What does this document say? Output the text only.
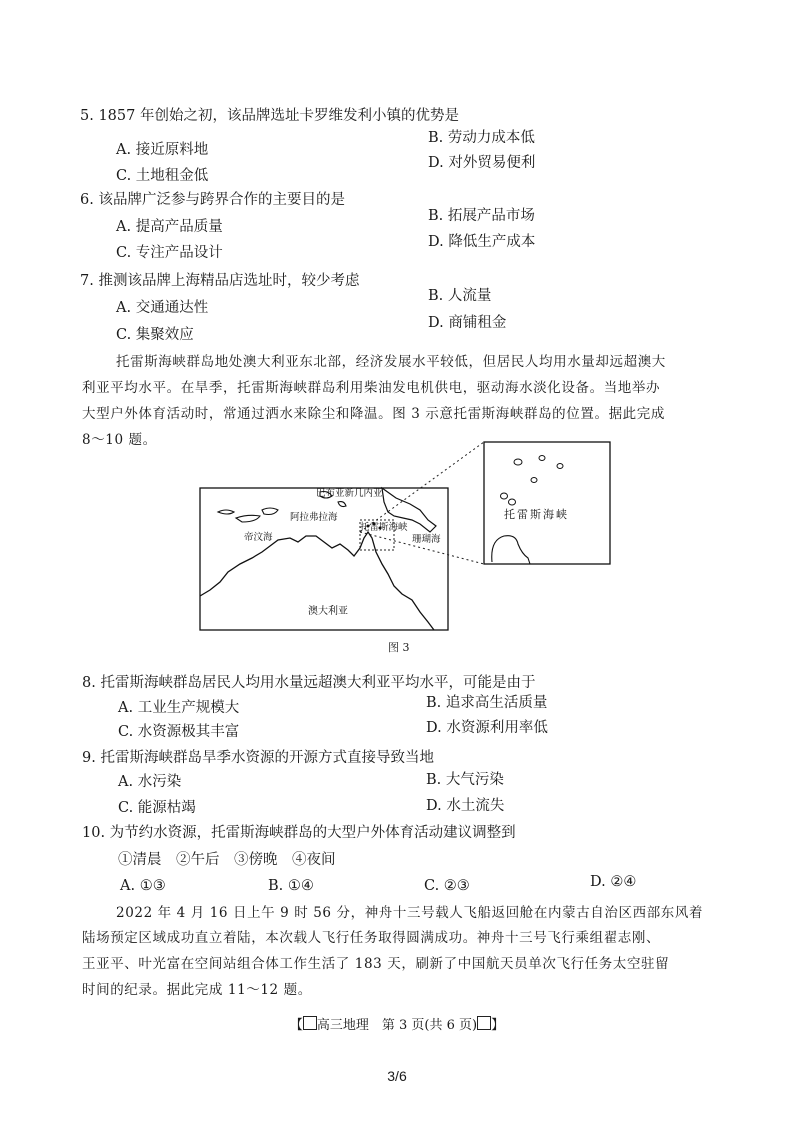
5. 1857 年创始之初，该品牌选址卡罗维发利小镇的优势是
B. 劳动力成本低
A. 接近原料地
D. 对外贸易便利
C. 土地租金低
6. 该品牌广泛参与跨界合作的主要目的是
B. 拓展产品市场
A. 提高产品质量
D. 降低生产成本
C. 专注产品设计
7. 推测该品牌上海精品店选址时，较少考虑
B. 人流量
A. 交通通达性
D. 商铺租金
C. 集聚效应
托雷斯海峡群岛地处澳大利亚东北部，经济发展水平较低，但居民人均用水量却远超澳大
利亚平均水平。在旱季，托雷斯海峡群岛利用柴油发电机供电，驱动海水淡化设备。当地举办
大型户外体育活动时，常通过洒水来除尘和降温。图 3 示意托雷斯海峡群岛的位置。据此完成
8～10 题。
巴布亚新几内亚
阿拉弗拉海
托雷斯海峡
帝汶海	珊瑚海
澳大利亚
托雷斯海峡
图 3
8. 托雷斯海峡群岛居民人均用水量远超澳大利亚平均水平，可能是由于
A. 工业生产规模大	B. 追求高生活质量
C. 水资源极其丰富	D. 水资源利用率低
9. 托雷斯海峡群岛旱季水资源的开源方式直接导致当地
A. 水污染	B. 大气污染
C. 能源枯竭	D. 水土流失
10. 为节约水资源，托雷斯海峡群岛的大型户外体育活动建议调整到
①清晨　②午后　③傍晚　④夜间
A. ①③	B. ①④	C. ②③	D. ②④
2022 年 4 月 16 日上午 9 时 56 分，神舟十三号载人飞船返回舱在内蒙古自治区西部东风着
陆场预定区域成功直立着陆，本次载人飞行任务取得圆满成功。神舟十三号飞行乘组翟志刚、
王亚平、叶光富在空间站组合体工作生活了 183 天，刷新了中国航天员单次飞行任务太空驻留
时间的纪录。据此完成 11～12 题。
【 高三地理　第 3 页(共 6 页) 】
3/6
